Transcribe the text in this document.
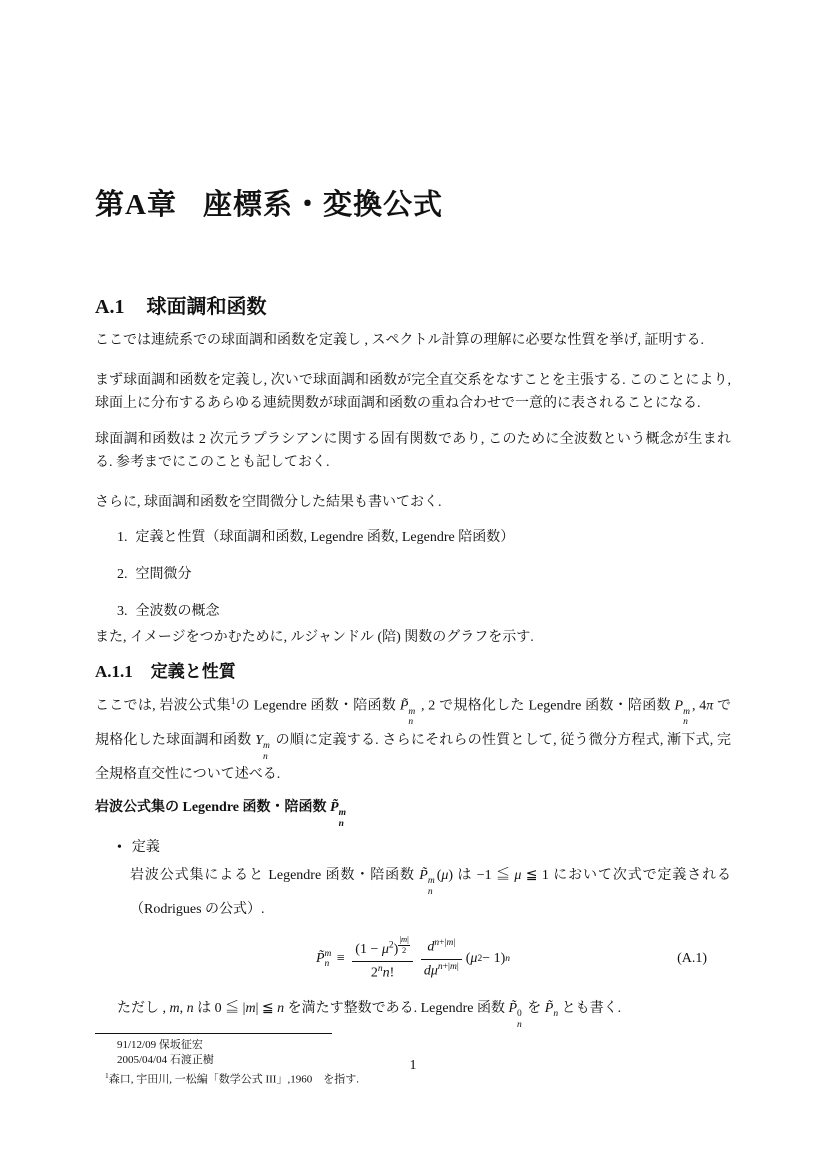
第A章 座標系・変換公式
A.1 球面調和函数

ここでは連続系での球面調和函数を定義し , スペクトル計算の理解に必要な性質を挙げ, 証明する.

まず球面調和函数を定義し, 次いで球面調和函数が完全直交系をなすことを主張する. このことにより, 球面上に分布するあらゆる連続関数が球面調和函数の重ね合わせで一意的に表されることになる.

球面調和函数は 2 次元ラプラシアンに関する固有関数であり, このために全波数という概念が生まれる. 参考までにこのことも記しておく.

さらに, 球面調和函数を空間微分した結果も書いておく.

1. 定義と性質（球面調和函数, Legendre 函数, Legendre 陪函数）
2. 空間微分
3. 全波数の概念

また, イメージをつかむために, ルジャンドル (陪) 関数のグラフを示す.

A.1.1 定義と性質

ここでは, 岩波公式集$^1$の Legendre 函数・陪函数 P̃ m
n
, 2 で規格化した Legendre 函数・陪函数 P m
n
, 4π で規格化した球面調和函数 Y m
n
の順に定義する. さらにそれらの性質として, 従う微分方程式, 漸下式, 完全規格直交性について述べる.

岩波公式集の Legendre 函数・陪函数 P̃ m
n
• 定義

岩波公式集によると Legendre 函数・陪函数 P̃ m
n
(μ) は −1 ≦ μ ≦ 1 において次式で定義される（Rodrigues の公式）.

P̃ m
$n \equiv (1 - \mu^2)$ $^{\frac{|m|}{2}}$
2$^n$n! $\frac{d^{n+|m|}}{d\mu^{n+|m|}}$ ( μ 2 − 1) n	(A.1)

ただし , m, n は 0 ≦ |m| ≦ n を満たす整数である. Legendre 函数 P̃ 0
n
を $P̃_n$ とも書く.

91/12/09 保坂征宏
2005/04/04 石渡正樹
$^1$森口, 宇田川, 一松編「数学公式 III」,1960　を指す.
1
